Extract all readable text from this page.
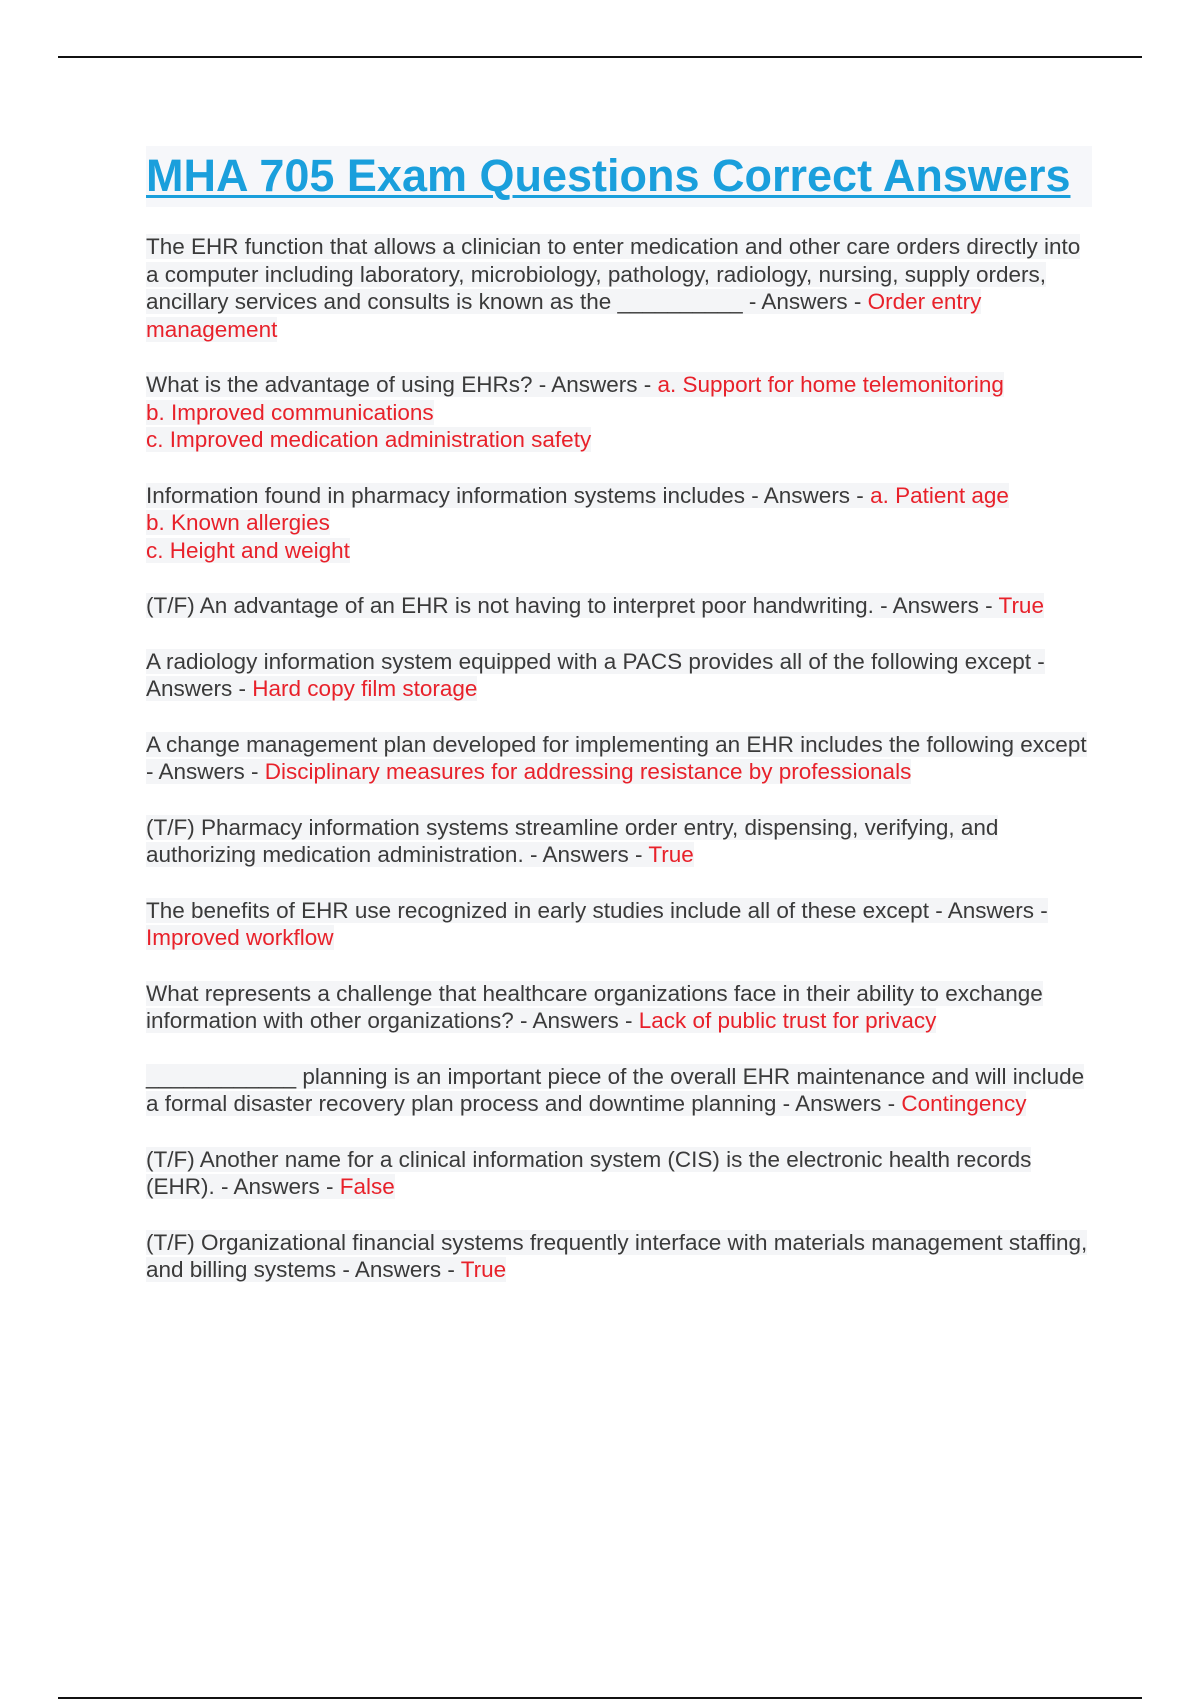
MHA 705 Exam Questions Correct Answers

The EHR function that allows a clinician to enter medication and other care orders directly into a computer including laboratory, microbiology, pathology, radiology, nursing, supply orders, ancillary services and consults is known as the __________ - Answers - Order entry management

What is the advantage of using EHRs? - Answers - a. Support for home telemonitoring
b. Improved communications
c. Improved medication administration safety

Information found in pharmacy information systems includes - Answers - a. Patient age
b. Known allergies
c. Height and weight

(T/F) An advantage of an EHR is not having to interpret poor handwriting. - Answers - True

A radiology information system equipped with a PACS provides all of the following except - Answers - Hard copy film storage

A change management plan developed for implementing an EHR includes the following except - Answers - Disciplinary measures for addressing resistance by professionals

(T/F) Pharmacy information systems streamline order entry, dispensing, verifying, and authorizing medication administration. - Answers - True

The benefits of EHR use recognized in early studies include all of these except - Answers - Improved workflow

What represents a challenge that healthcare organizations face in their ability to exchange information with other organizations? - Answers - Lack of public trust for privacy

____________ planning is an important piece of the overall EHR maintenance and will include a formal disaster recovery plan process and downtime planning - Answers - Contingency

(T/F) Another name for a clinical information system (CIS) is the electronic health records (EHR). - Answers - False

(T/F) Organizational financial systems frequently interface with materials management staffing, and billing systems - Answers - True
